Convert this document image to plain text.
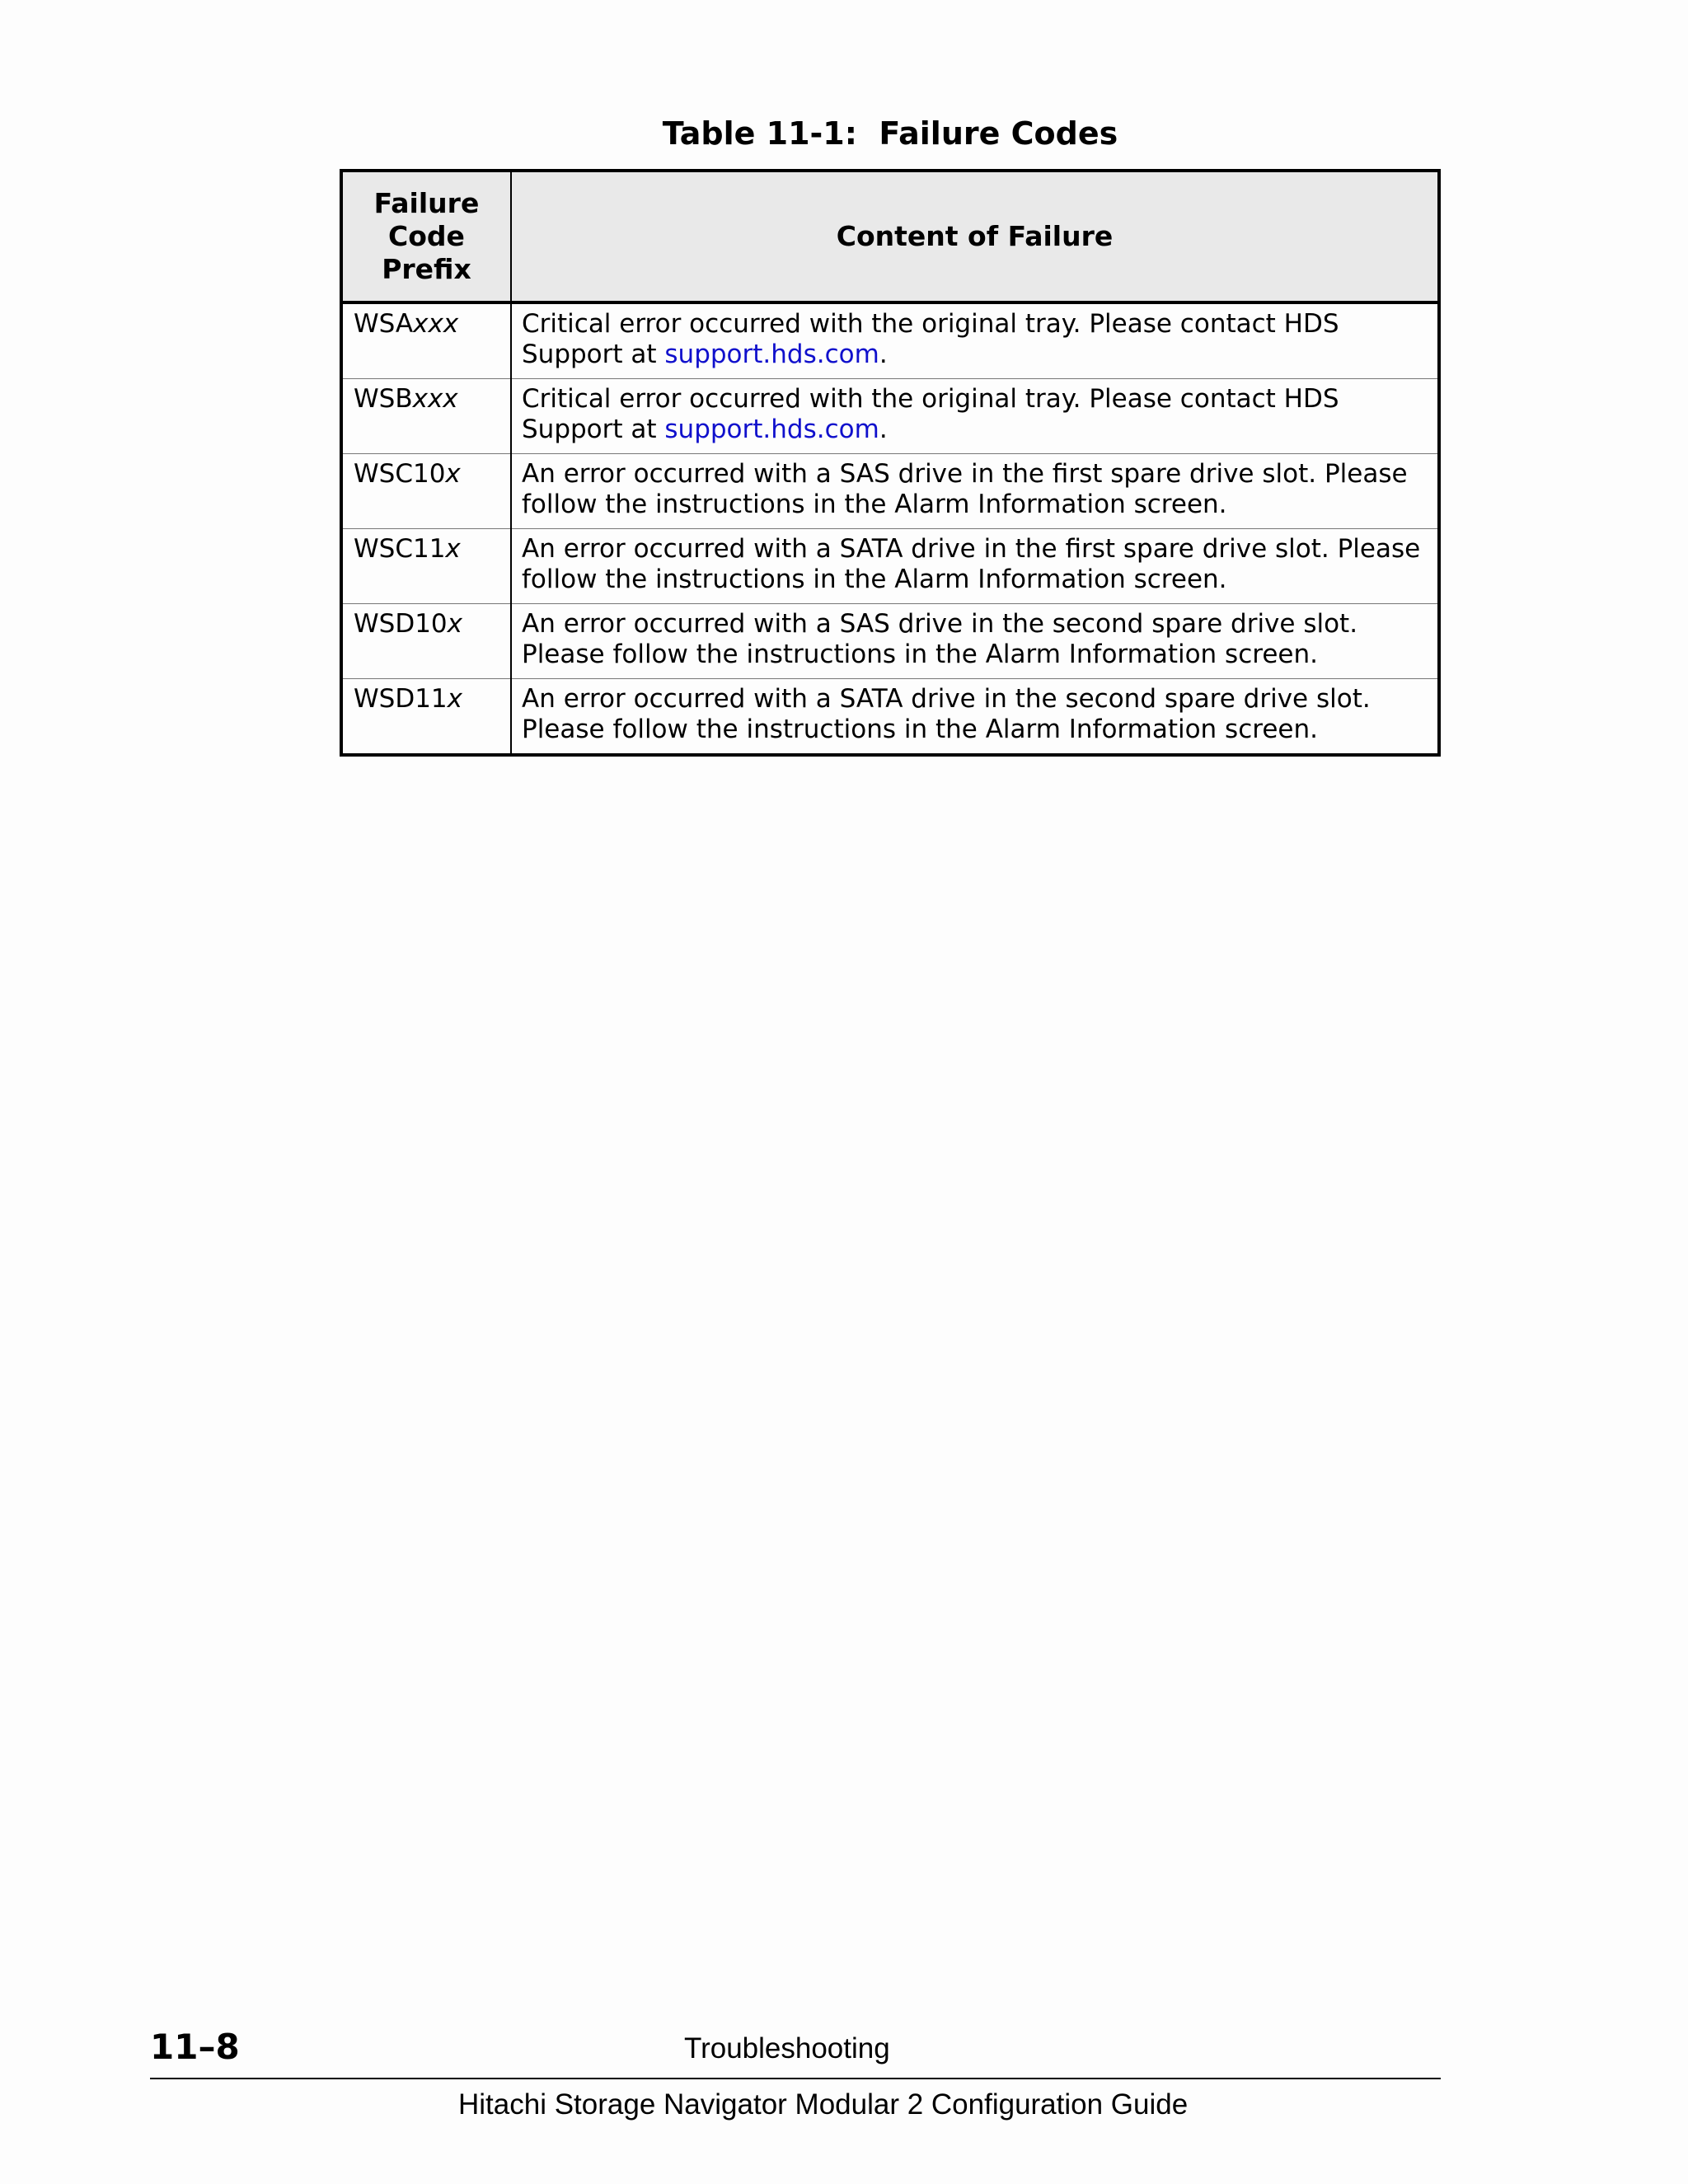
Table 11-1:  Failure Codes
Failure Code Prefix	Content of Failure
WSAxxx	Critical error occurred with the original tray. Please contact HDS Support at support.hds.com.
WSBxxx	Critical error occurred with the original tray. Please contact HDS Support at support.hds.com.
WSC10x	An error occurred with a SAS drive in the first spare drive slot. Please follow the instructions in the Alarm Information screen.
WSC11x	An error occurred with a SATA drive in the first spare drive slot. Please follow the instructions in the Alarm Information screen.
WSD10x	An error occurred with a SAS drive in the second spare drive slot. Please follow the instructions in the Alarm Information screen.
WSD11x	An error occurred with a SATA drive in the second spare drive slot. Please follow the instructions in the Alarm Information screen.
11–8	Troubleshooting
Hitachi Storage Navigator Modular 2 Configuration Guide
